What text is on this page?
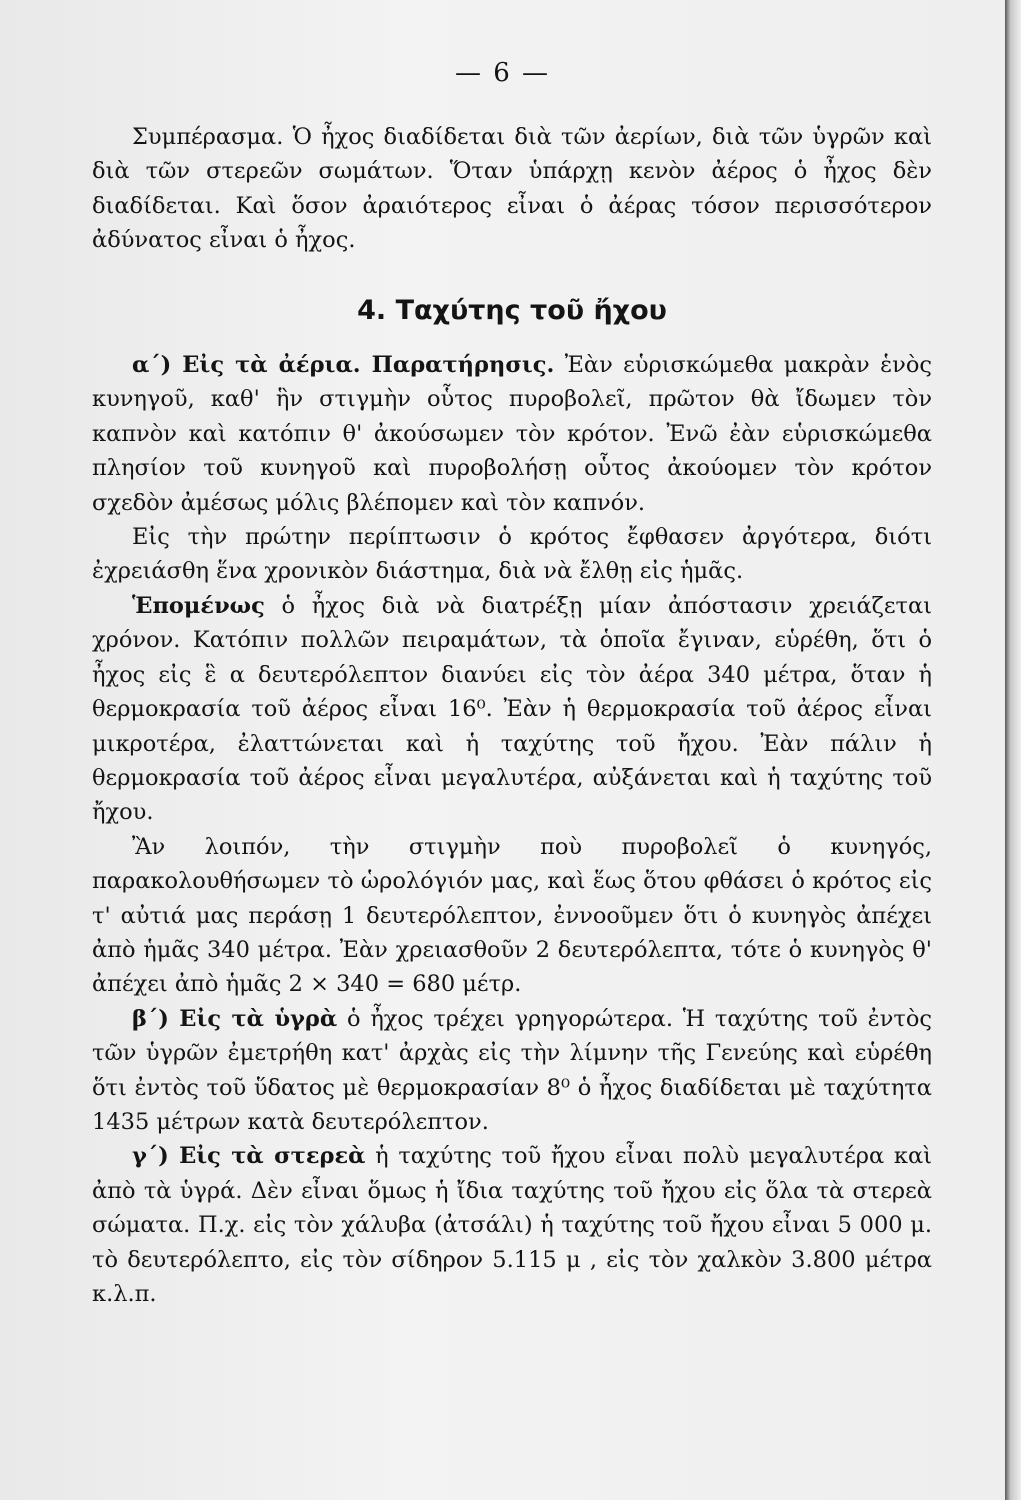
— 6 —

Συμπέρασμα. Ὁ ἦχος διαδίδεται διὰ τῶν ἀερίων, διὰ τῶν ὑγρῶν καὶ διὰ τῶν στερεῶν σωμάτων. Ὅταν ὑπάρχῃ κενὸν ἀέρος ὁ ἦχος δὲν διαδίδεται. Καὶ ὅσον ἀραιότερος εἶναι ὁ ἀέρας τόσον περισσότερον ἀδύνατος εἶναι ὁ ἦχος.

4. Ταχύτης τοῦ ἤχου

α΄) Εἰς τὰ ἀέρια. Παρατήρησις. Ἐὰν εὑρισκώμεθα μακρὰν ἑνὸς κυνηγοῦ, καθ' ἣν στιγμὴν οὗτος πυροβολεῖ, πρῶτον θὰ ἴδωμεν τὸν καπνὸν καὶ κατόπιν θ' ἀκούσωμεν τὸν κρότον. Ἐνῶ ἐὰν εὑρισκώμεθα πλησίον τοῦ κυνηγοῦ καὶ πυροβολήσῃ οὗτος ἀκούομεν τὸν κρότον σχεδὸν ἀμέσως μόλις βλέπομεν καὶ τὸν καπνόν.

Εἰς τὴν πρώτην περίπτωσιν ὁ κρότος ἔφθασεν ἀργότερα, διότι ἐχρειάσθη ἕνα χρονικὸν διάστημα, διὰ νὰ ἔλθῃ εἰς ἡμᾶς.

Ἑπομένως ὁ ἦχος διὰ νὰ διατρέξῃ μίαν ἀπόστασιν χρειάζεται χρόνον. Κατόπιν πολλῶν πειραμάτων, τὰ ὁποῖα ἔγιναν, εὑρέθη, ὅτι ὁ ἦχος εἰς ἓ α δευτερόλεπτον διανύει εἰς τὸν ἀέρα 340 μέτρα, ὅταν ἡ θερμοκρασία τοῦ ἀέρος εἶναι 16⁰. Ἐὰν ἡ θερμοκρασία τοῦ ἀέρος εἶναι μικροτέρα, ἐλαττώνεται καὶ ἡ ταχύτης τοῦ ἤχου. Ἐὰν πάλιν ἡ θερμοκρασία τοῦ ἀέρος εἶναι μεγαλυτέρα, αὐξάνεται καὶ ἡ ταχύτης τοῦ ἤχου.

Ἂν λοιπόν, τὴν στιγμὴν ποὺ πυροβολεῖ ὁ κυνηγός, παρακολουθήσωμεν τὸ ὡρολόγιόν μας, καὶ ἕως ὅτου φθάσει ὁ κρότος εἰς τ' αὐτιά μας περάσῃ 1 δευτερόλεπτον, ἐννοοῦμεν ὅτι ὁ κυνηγὸς ἀπέχει ἀπὸ ἡμᾶς 340 μέτρα. Ἐὰν χρειασθοῦν 2 δευτερόλεπτα, τότε ὁ κυνηγὸς θ' ἀπέχει ἀπὸ ἡμᾶς 2 × 340 = 680 μέτρ.

β΄) Εἰς τὰ ὑγρὰ ὁ ἦχος τρέχει γρηγορώτερα. Ἡ ταχύτης τοῦ ἐντὸς τῶν ὑγρῶν ἐμετρήθη κατ' ἀρχὰς εἰς τὴν λίμνην τῆς Γενεύης καὶ εὑρέθη ὅτι ἐντὸς τοῦ ὕδατος μὲ θερμοκρασίαν 8⁰ ὁ ἦχος διαδίδεται μὲ ταχύτητα 1435 μέτρων κατὰ δευτερόλεπτον.

γ΄) Εἰς τὰ στερεὰ ἡ ταχύτης τοῦ ἤχου εἶναι πολὺ μεγαλυτέρα καὶ ἀπὸ τὰ ὑγρά. Δὲν εἶναι ὅμως ἡ ἴδια ταχύτης τοῦ ἤχου εἰς ὅλα τὰ στερεὰ σώματα. Π.χ. εἰς τὸν χάλυβα (ἀτσάλι) ἡ ταχύτης τοῦ ἤχου εἶναι 5 000 μ. τὸ δευτερόλεπτο, εἰς τὸν σίδηρον 5.115 μ , εἰς τὸν χαλκὸν 3.800 μέτρα κ.λ.π.
